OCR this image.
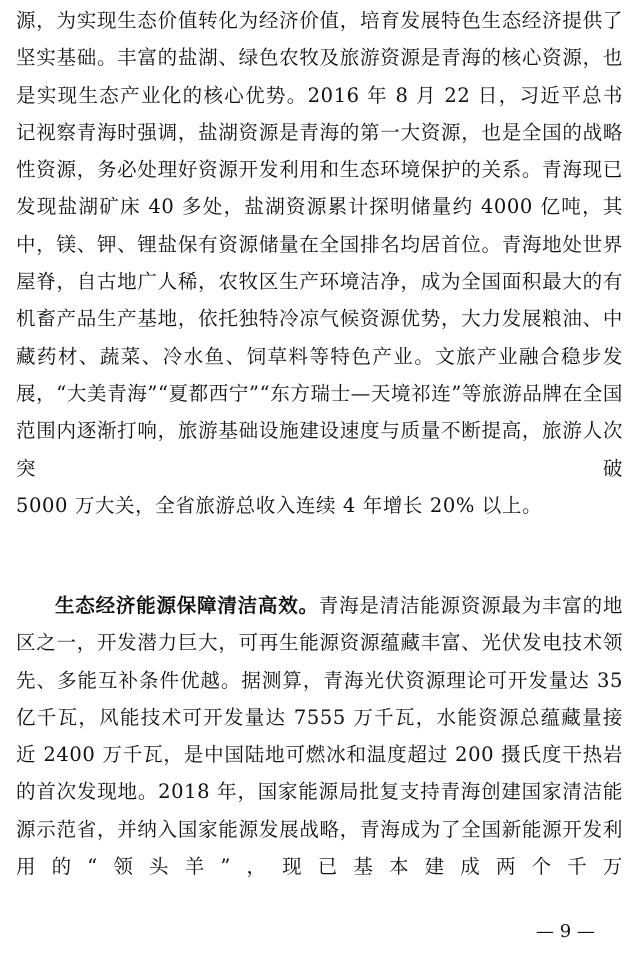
源，为实现生态价值转化为经济价值，培育发展特色生态经济提供了坚实基础。丰富的盐湖、绿色农牧及旅游资源是青海的核心资源，也是实现生态产业化的核心优势。2016 年 8 月 22 日，习近平总书记视察青海时强调，盐湖资源是青海的第一大资源，也是全国的战略性资源，务必处理好资源开发利用和生态环境保护的关系。青海现已发现盐湖矿床 40 多处，盐湖资源累计探明储量约 4000 亿吨，其中，镁、钾、锂盐保有资源储量在全国排名均居首位。青海地处世界屋脊，自古地广人稀，农牧区生产环境洁净，成为全国面积最大的有机畜产品生产基地，依托独特冷凉气候资源优势，大力发展粮油、中藏药材、蔬菜、冷水鱼、饲草料等特色产业。文旅产业融合稳步发展，“大美青海”“夏都西宁”“东方瑞士—天境祁连”等旅游品牌在全国范围内逐渐打响，旅游基础设施建设速度与质量不断提高，旅游人次突破
5000 万大关，全省旅游总收入连续 4 年增长 20% 以上。

生态经济能源保障清洁高效。青海是清洁能源资源最为丰富的地区之一，开发潜力巨大，可再生能源资源蕴藏丰富、光伏发电技术领先、多能互补条件优越。据测算，青海光伏资源理论可开发量达 35 亿千瓦，风能技术可开发量达 7555 万千瓦，水能资源总蕴藏量接近 2400 万千瓦，是中国陆地可燃冰和温度超过 200 摄氏度干热岩的首次发现地。2018 年，国家能源局批复支持青海创建国家清洁能源示范省，并纳入国家能源发展战略，青海成为了全国新能源开发利用的“领头羊”，现已基本建成两个千万

— 9 —
